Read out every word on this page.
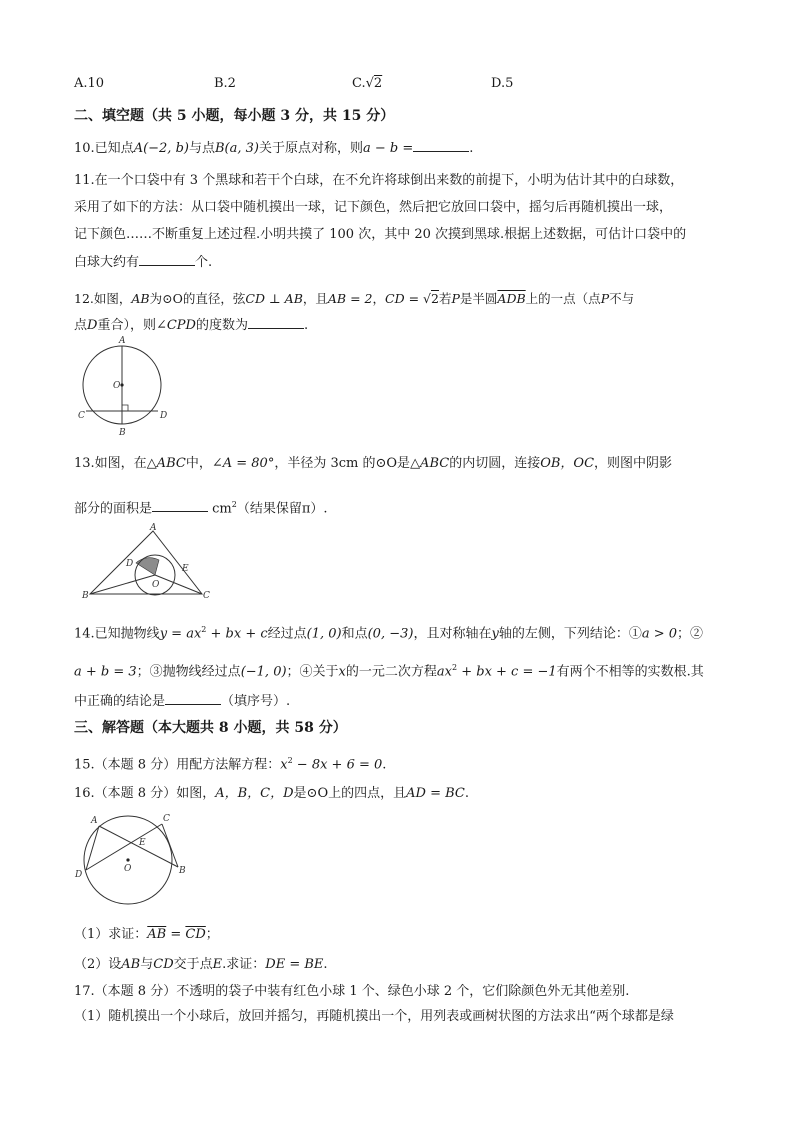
A.10	B.2	C.√2	D.5
二、填空题（共 5 小题，每小题 3 分，共 15 分）
10.已知点A(−2, b)与点B(a, 3)关于原点对称，则a − b =	.
11.在一个口袋中有 3 个黑球和若干个白球，在不允许将球倒出来数的前提下，小明为估计其中的白球数，
采用了如下的方法：从口袋中随机摸出一球，记下颜色，然后把它放回口袋中，摇匀后再随机摸出一球，
记下颜色……不断重复上述过程.小明共摸了 100 次，其中 20 次摸到黑球.根据上述数据，可估计口袋中的
白球大约有	个.
12.如图，AB为⊙O的直径，弦CD ⊥ AB，且AB = 2，CD = √2若P是半圆$\overline{ADB}$上的一点（点P不与
点D重合），则∠CPD的度数为	.
A
O
C	D
B
13.如图，在△ABC中，∠A = 80°，半径为 3cm 的⊙O是△ABC的内切圆，连接OB，OC，则图中阴影
部分的面积是	$cm^2$（结果保留π）.
A
B	C
D	E
O
14.已知抛物线$y = ax^2$ + bx + c经过点(1, 0)和点(0, −3)，且对称轴在y轴的左侧，下列结论：①a > 0；②
a + b = 3；③抛物线经过点(−1, 0)；④关于x的一元二次方程$ax^2$ + bx + c = −1有两个不相等的实数根.其
中正确的结论是	（填序号）.
三、解答题（本大题共 8 小题，共 58 分）
15.（本题 8 分）用配方法解方程：$x^2 - 8x + 6 = 0$.
16.（本题 8 分）如图，A，B，C，D是⊙O上的四点，且AD = BC.
A	C
E
O
D	B
（1）求证：$\overline{AB} = \overline{CD}$；
（2）设AB与CD交于点E.求证：DE = BE.
17.（本题 8 分）不透明的袋子中装有红色小球 1 个、绿色小球 2 个，它们除颜色外无其他差别.
（1）随机摸出一个小球后，放回并摇匀，再随机摸出一个，用列表或画树状图的方法求出“两个球都是绿
